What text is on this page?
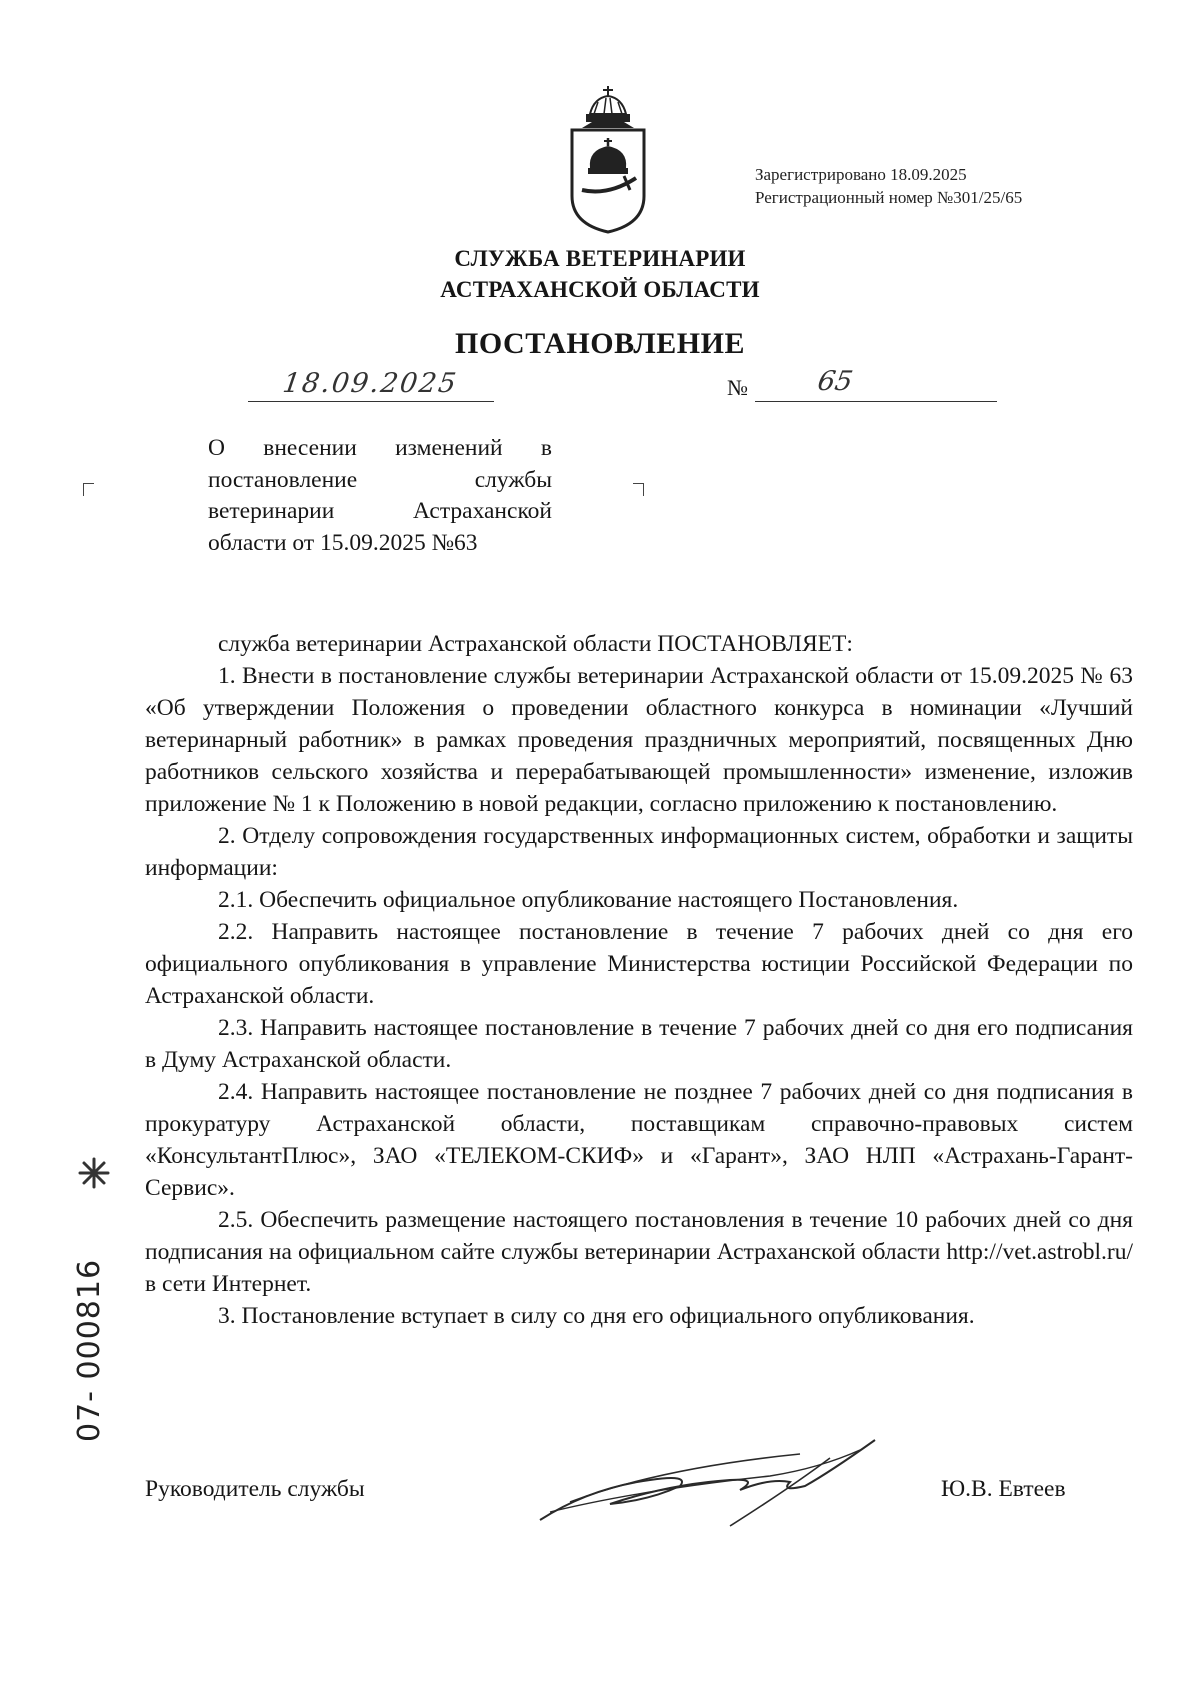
Зарегистрировано 18.09.2025
Регистрационный номер №301/25/65
СЛУЖБА ВЕТЕРИНАРИИ
АСТРАХАНСКОЙ ОБЛАСТИ
ПОСТАНОВЛЕНИЕ
18.09.2025	№ 65
О внесении изменений в
постановление службы
ветеринарии Астраханской
области от 15.09.2025 №63

служба ветеринарии Астраханской области ПОСТАНОВЛЯЕТ:

1. Внести в постановление службы ветеринарии Астраханской области от 15.09.2025 № 63 «Об утверждении Положения о проведении областного конкурса в номинации «Лучший ветеринарный работник» в рамках проведения праздничных мероприятий, посвященных Дню работников сельского хозяйства и перерабатывающей промышленности» изменение, изложив приложение № 1 к Положению в новой редакции, согласно приложению к постановлению.

2. Отделу сопровождения государственных информационных систем, обработки и защиты информации:

2.1. Обеспечить официальное опубликование настоящего Постановления.

2.2. Направить настоящее постановление в течение 7 рабочих дней со дня его официального опубликования в управление Министерства юстиции Российской Федерации по Астраханской области.

2.3. Направить настоящее постановление в течение 7 рабочих дней со дня его подписания в Думу Астраханской области.

2.4. Направить настоящее постановление не позднее 7 рабочих дней со дня подписания в прокуратуру Астраханской области, поставщикам справочно-правовых систем «КонсультантПлюс», ЗАО «ТЕЛЕКОМ-СКИФ» и «Гарант», ЗАО НЛП «Астрахань-Гарант-Сервис».

2.5. Обеспечить размещение настоящего постановления в течение 10 рабочих дней со дня подписания на официальном сайте службы ветеринарии Астраханской области http://vet.astrobl.ru/ в сети Интернет.

3. Постановление вступает в силу со дня его официального опубликования.

Руководитель службы	Ю.В. Евтеев
07- 000816
